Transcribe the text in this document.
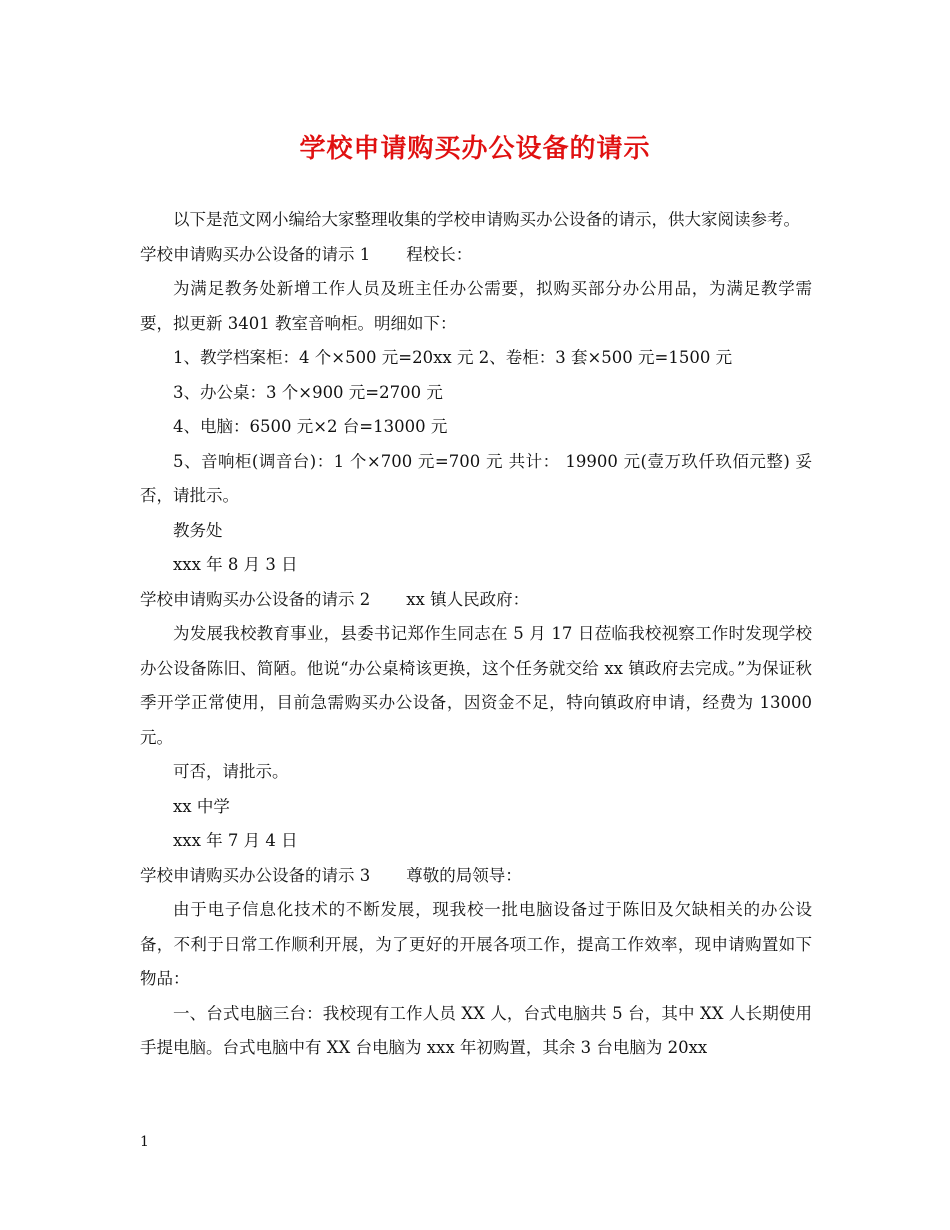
学校申请购买办公设备的请示

以下是范文网小编给大家整理收集的学校申请购买办公设备的请示，供大家阅读参考。

学校申请购买办公设备的请示 1 程校长：

为满足教务处新增工作人员及班主任办公需要，拟购买部分办公用品，为满足教学需要，拟更新 3401 教室音响柜。明细如下：

1、教学档案柜：4 个×500 元=20xx 元 2、卷柜：3 套×500 元=1500 元

3、办公桌：3 个×900 元=2700 元

4、电脑：6500 元×2 台=13000 元

5、音响柜(调音台)：1 个×700 元=700 元 共计： 19900 元(壹万玖仟玖佰元整) 妥否，请批示。

教务处

xxx 年 8 月 3 日

学校申请购买办公设备的请示 2 xx 镇人民政府：

为发展我校教育事业，县委书记郑作生同志在 5 月 17 日莅临我校视察工作时发现学校办公设备陈旧、简陋。他说“办公桌椅该更换，这个任务就交给 xx 镇政府去完成。”为保证秋季开学正常使用，目前急需购买办公设备，因资金不足，特向镇政府申请，经费为 13000 元。

可否，请批示。

xx 中学

xxx 年 7 月 4 日

学校申请购买办公设备的请示 3 尊敬的局领导：

由于电子信息化技术的不断发展，现我校一批电脑设备过于陈旧及欠缺相关的办公设备，不利于日常工作顺利开展，为了更好的开展各项工作，提高工作效率，现申请购置如下物品：

一、台式电脑三台：我校现有工作人员 XX 人，台式电脑共 5 台，其中 XX 人长期使用手提电脑。台式电脑中有 XX 台电脑为 xxx 年初购置，其余 3 台电脑为 20xx

1
